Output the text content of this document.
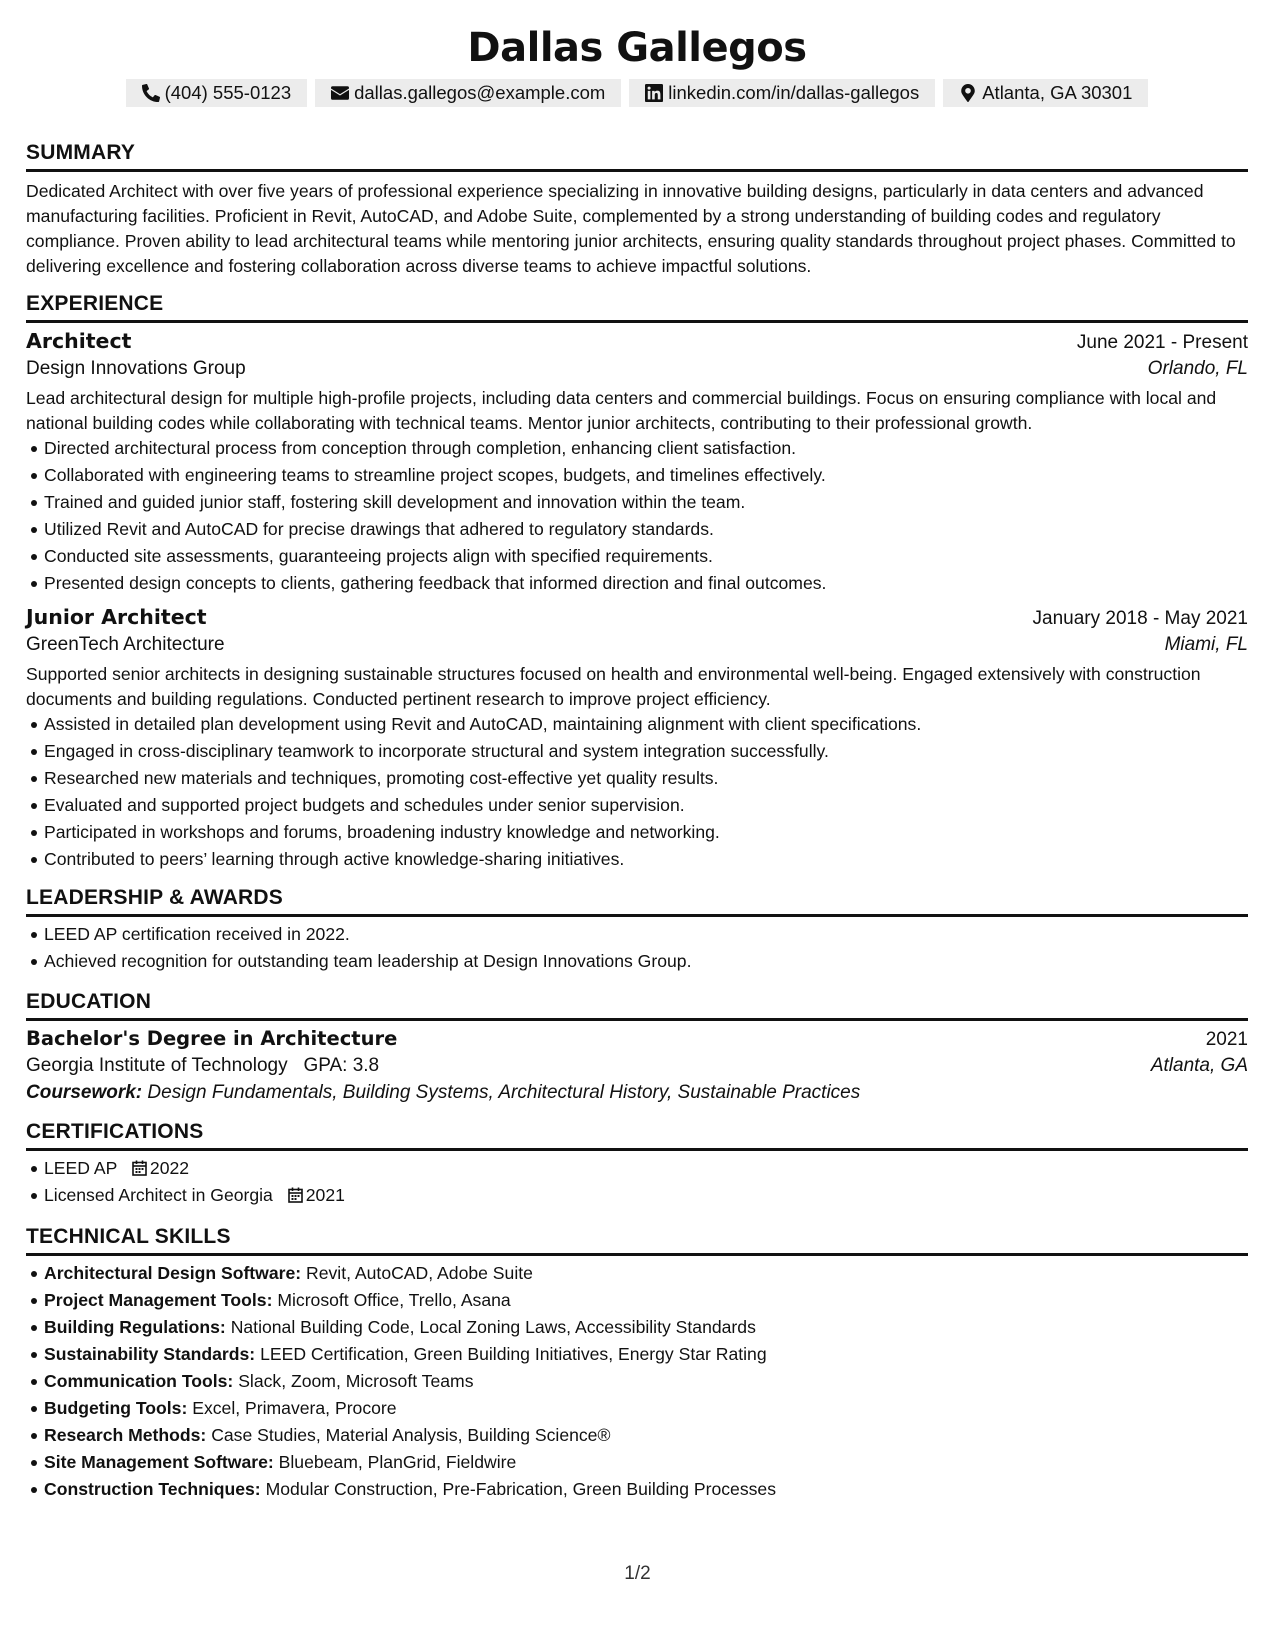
Dallas Gallegos
(404) 555-0123	dallas.gallegos@example.com	linkedin.com/in/dallas-gallegos	Atlanta, GA 30301
SUMMARY

Dedicated Architect with over five years of professional experience specializing in innovative building designs, particularly in data centers and advanced manufacturing facilities. Proficient in Revit, AutoCAD, and Adobe Suite, complemented by a strong understanding of building codes and regulatory compliance. Proven ability to lead architectural teams while mentoring junior architects, ensuring quality standards throughout project phases. Committed to delivering excellence and fostering collaboration across diverse teams to achieve impactful solutions.

EXPERIENCE
Architect	June 2021 - Present
Design Innovations Group	Orlando, FL

Lead architectural design for multiple high-profile projects, including data centers and commercial buildings. Focus on ensuring compliance with local and national building codes while collaborating with technical teams. Mentor junior architects, contributing to their professional growth.

Directed architectural process from conception through completion, enhancing client satisfaction.
Collaborated with engineering teams to streamline project scopes, budgets, and timelines effectively.
Trained and guided junior staff, fostering skill development and innovation within the team.
Utilized Revit and AutoCAD for precise drawings that adhered to regulatory standards.
Conducted site assessments, guaranteeing projects align with specified requirements.
Presented design concepts to clients, gathering feedback that informed direction and final outcomes.
Junior Architect	January 2018 - May 2021
GreenTech Architecture	Miami, FL

Supported senior architects in designing sustainable structures focused on health and environmental well-being. Engaged extensively with construction documents and building regulations. Conducted pertinent research to improve project efficiency.

Assisted in detailed plan development using Revit and AutoCAD, maintaining alignment with client specifications.
Engaged in cross-disciplinary teamwork to incorporate structural and system integration successfully.
Researched new materials and techniques, promoting cost-effective yet quality results.
Evaluated and supported project budgets and schedules under senior supervision.
Participated in workshops and forums, broadening industry knowledge and networking.
Contributed to peers’ learning through active knowledge-sharing initiatives.
LEADERSHIP & AWARDS
LEED AP certification received in 2022.
Achieved recognition for outstanding team leadership at Design Innovations Group.
EDUCATION
Bachelor's Degree in Architecture	2021
Georgia Institute of Technology GPA: 3.8	Atlanta, GA
Coursework: Design Fundamentals, Building Systems, Architectural History, Sustainable Practices
CERTIFICATIONS
LEED AP 2022
Licensed Architect in Georgia 2021
TECHNICAL SKILLS
Architectural Design Software: Revit, AutoCAD, Adobe Suite
Project Management Tools: Microsoft Office, Trello, Asana
Building Regulations: National Building Code, Local Zoning Laws, Accessibility Standards
Sustainability Standards: LEED Certification, Green Building Initiatives, Energy Star Rating
Communication Tools: Slack, Zoom, Microsoft Teams
Budgeting Tools: Excel, Primavera, Procore
Research Methods: Case Studies, Material Analysis, Building Science®
Site Management Software: Bluebeam, PlanGrid, Fieldwire
Construction Techniques: Modular Construction, Pre-Fabrication, Green Building Processes
1/2
